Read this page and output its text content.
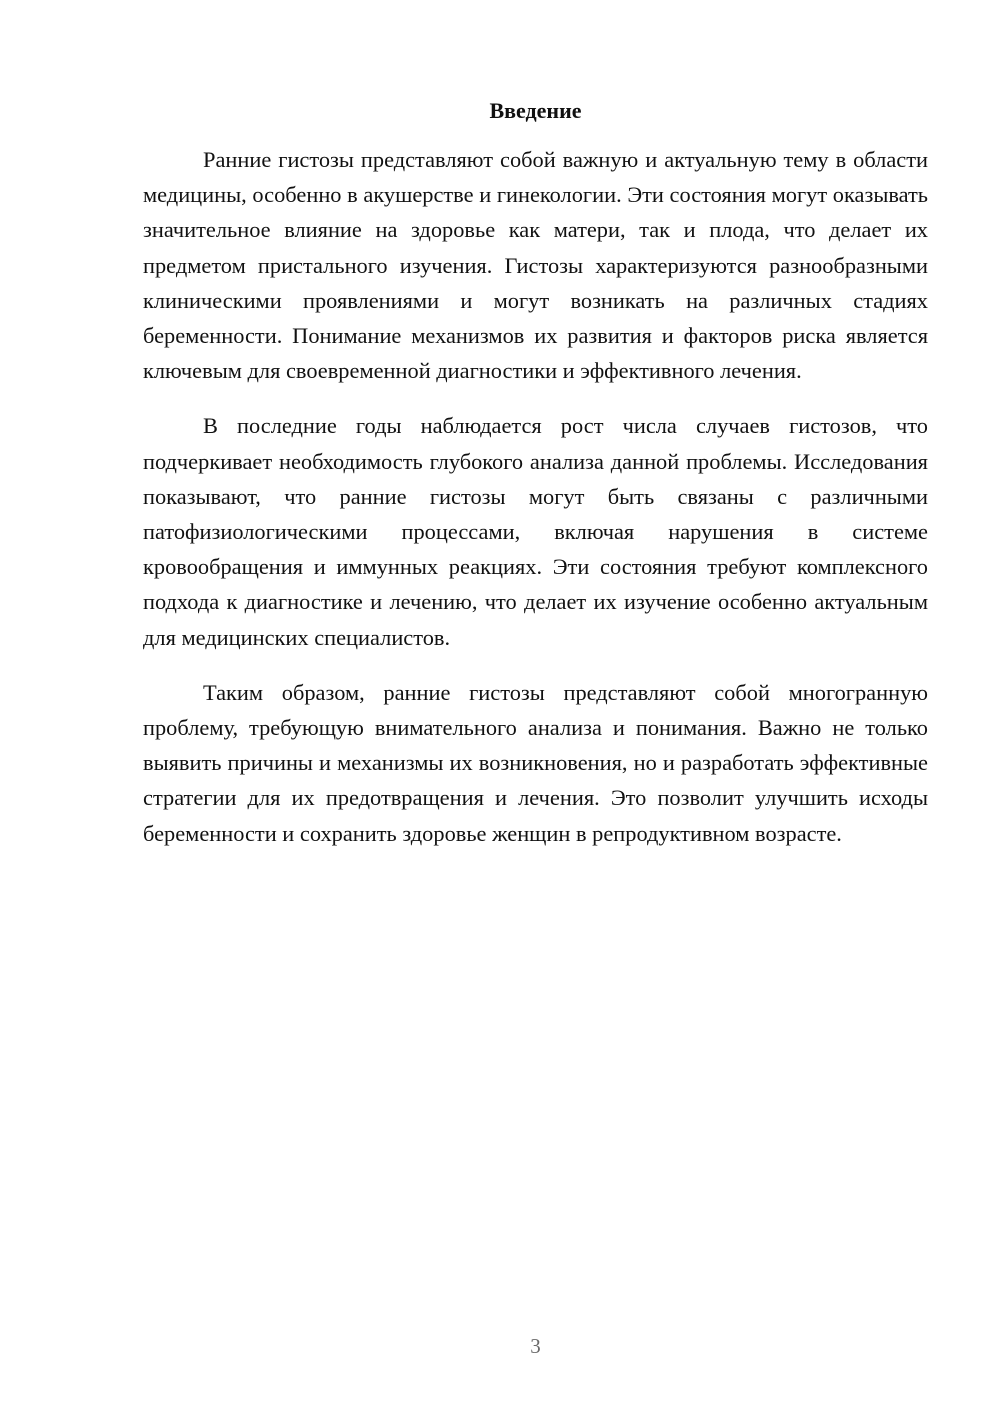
Введение

Ранние гистозы представляют собой важную и актуальную тему в области медицины, особенно в акушерстве и гинекологии. Эти состояния могут оказывать значительное влияние на здоровье как матери, так и плода, что делает их предметом пристального изучения. Гистозы характеризуются разнообразными клиническими проявлениями и могут возникать на различных стадиях беременности. Понимание механизмов их развития и факторов риска является ключевым для своевременной диагностики и эффективного лечения.

В последние годы наблюдается рост числа случаев гистозов, что подчеркивает необходимость глубокого анализа данной проблемы. Исследования показывают, что ранние гистозы могут быть связаны с различными патофизиологическими процессами, включая нарушения в системе кровообращения и иммунных реакциях. Эти состояния требуют комплексного подхода к диагностике и лечению, что делает их изучение особенно актуальным для медицинских специалистов.

Таким образом, ранние гистозы представляют собой многогранную проблему, требующую внимательного анализа и понимания. Важно не только выявить причины и механизмы их возникновения, но и разработать эффективные стратегии для их предотвращения и лечения. Это позволит улучшить исходы беременности и сохранить здоровье женщин в репродуктивном возрасте.

3
